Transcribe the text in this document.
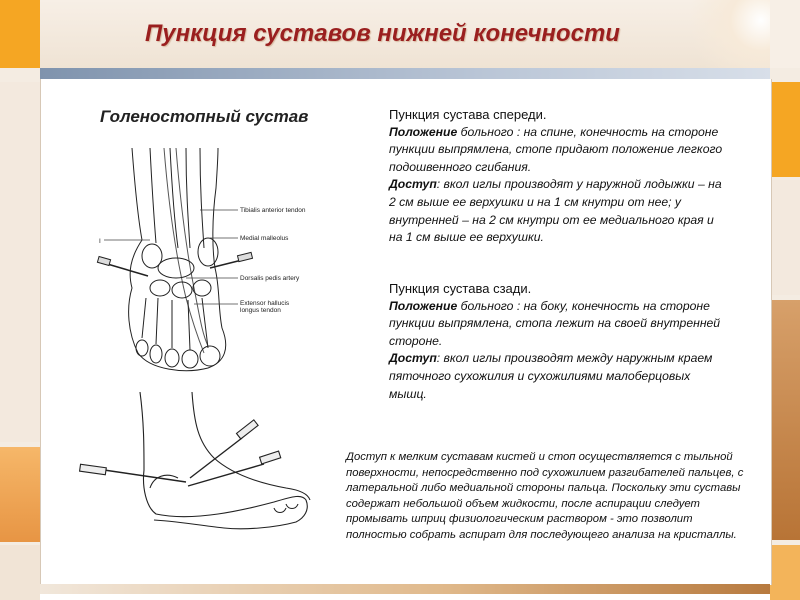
Пункция суставов нижней конечности
Голеностопный сустав
Tibialis anterior tendon
Medial malleolus
Dorsalis pedis artery
Extensor hallucis
longus tendon
I
Пункция сустава спереди.
Положение больного : на спине, конечность на стороне пункции выпрямлена, стопе придают положение легкого подошвенного сгибания.
Доступ: вкол иглы производят у наружной лодыжки – на 2 см выше ее верхушки и на 1 см кнутри от нее; у внутренней – на 2 см кнутри от ее медиального края и на 1 см выше ее верхушки.
Пункция сустава сзади.
Положение больного : на боку, конечность на стороне пункции выпрямлена, стопа лежит на своей внутренней стороне.
Доступ: вкол иглы производят между наружным краем пяточного сухожилия и сухожилиями малоберцовых мышц.
Доступ к мелким суставам кистей и стоп осуществляется с тыльной поверхности, непосредственно под сухожилием разгибателей пальцев, с латеральной либо медиальной стороны пальца. Поскольку эти суставы содержат небольшой объем жидкости, после аспирации следует промывать шприц физиологическим раствором - это позволит полностью собрать аспират для последующего анализа на кристаллы.
